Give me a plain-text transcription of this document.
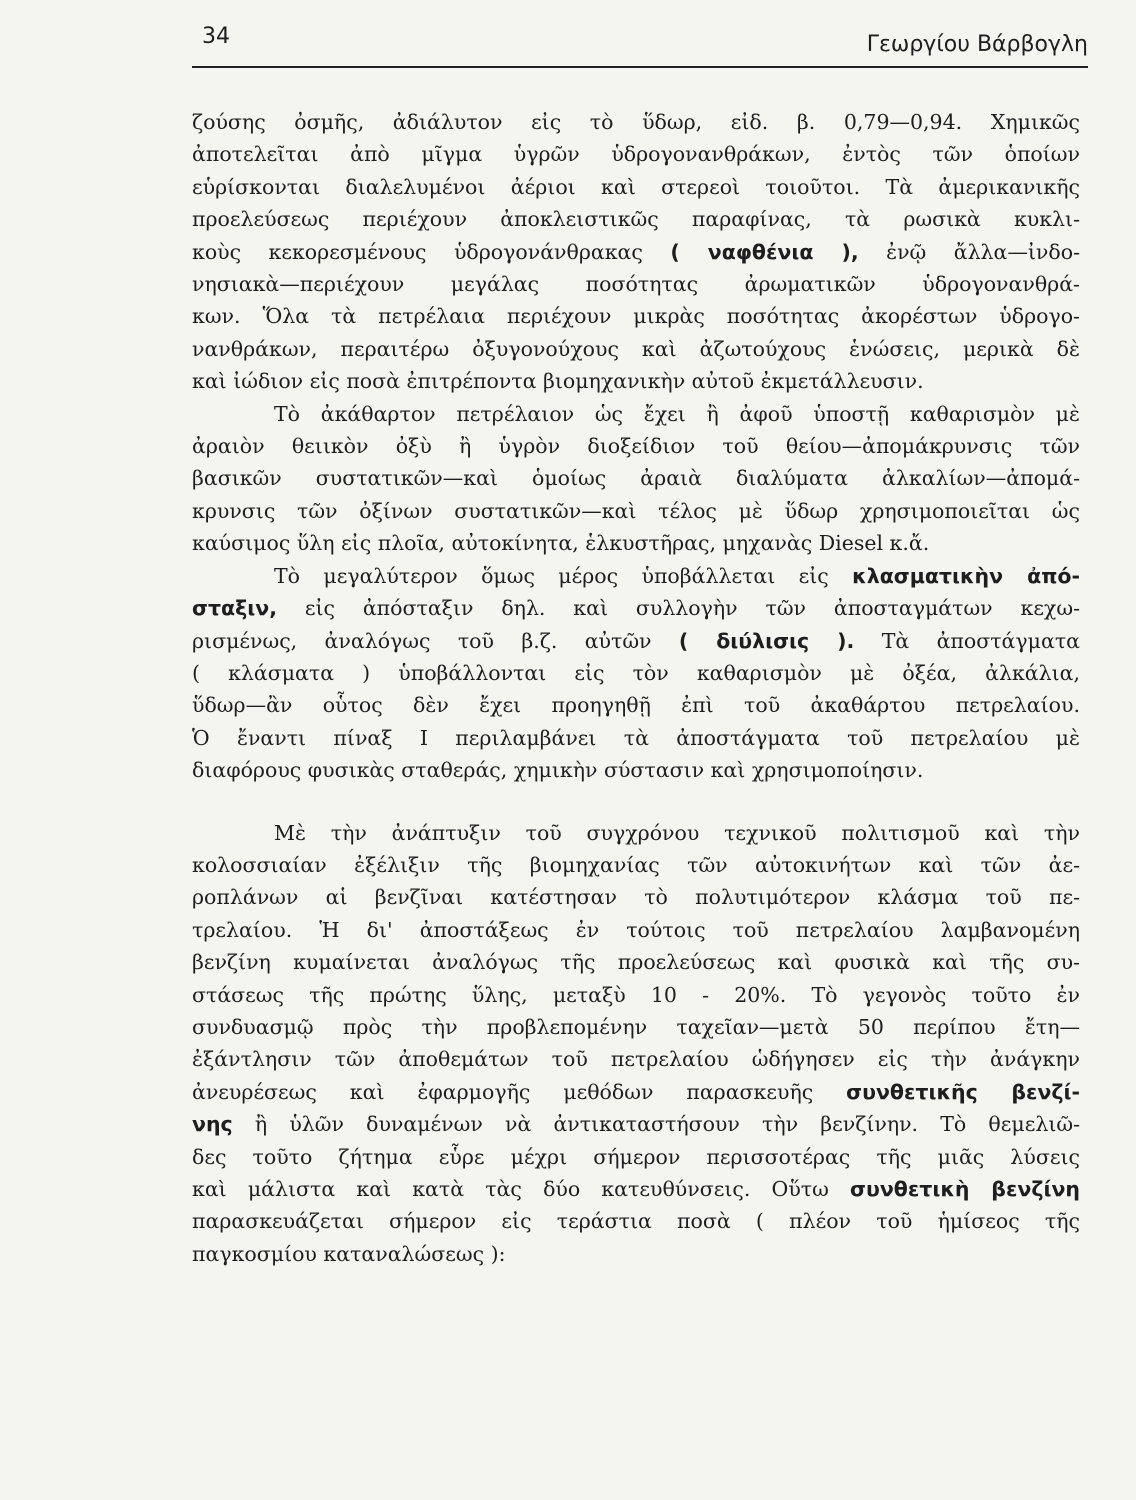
34	Γεωργίου Βάρβογλη
ζούσης ὀσμῆς, ἀδιάλυτον εἰς τὸ ὕδωρ, εἰδ. β. 0,79—0,94. Χημικῶς
ἀποτελεῖται ἀπὸ μῖγμα ὑγρῶν ὑδρογονανθράκων, ἐντὸς τῶν ὁποίων
εὑρίσκονται διαλελυμένοι ἀέριοι καὶ στερεοὶ τοιοῦτοι. Τὰ ἀμερικανικῆς
προελεύσεως περιέχουν ἀποκλειστικῶς παραφίνας, τὰ ρωσικὰ κυκλι-
κοὺς κεκορεσμένους ὑδρογονάνθρακας ( ναφθένια ), ἐνῷ ἄλλα—ἰνδο-
νησιακὰ—περιέχουν μεγάλας ποσότητας ἀρωματικῶν ὑδρογονανθρά-
κων. Ὅλα τὰ πετρέλαια περιέχουν μικρὰς ποσότητας ἀκορέστων ὑδρογο-
νανθράκων, περαιτέρω ὀξυγονούχους καὶ ἀζωτούχους ἑνώσεις, μερικὰ δὲ
καὶ ἰώδιον εἰς ποσὰ ἐπιτρέποντα βιομηχανικὴν αὐτοῦ ἐκμετάλλευσιν.
Τὸ ἀκάθαρτον πετρέλαιον ὡς ἔχει ἢ ἀφοῦ ὑποστῇ καθαρισμὸν μὲ
ἀραιὸν θειικὸν ὀξὺ ἢ ὑγρὸν διοξείδιον τοῦ θείου—ἀπομάκρυνσις τῶν
βασικῶν συστατικῶν—καὶ ὁμοίως ἀραιὰ διαλύματα ἀλκαλίων—ἀπομά-
κρυνσις τῶν ὀξίνων συστατικῶν—καὶ τέλος μὲ ὕδωρ χρησιμοποιεῖται ὡς
καύσιμος ὕλη εἰς πλοῖα, αὐτοκίνητα, ἑλκυστῆρας, μηχανὰς Diesel κ.ἄ.
Τὸ μεγαλύτερον ὅμως μέρος ὑποβάλλεται εἰς κλασματικὴν ἀπό-
σταξιν, εἰς ἀπόσταξιν δηλ. καὶ συλλογὴν τῶν ἀποσταγμάτων κεχω-
ρισμένως, ἀναλόγως τοῦ β.ζ. αὐτῶν ( διύλισις ). Τὰ ἀποστάγματα
( κλάσματα ) ὑποβάλλονται εἰς τὸν καθαρισμὸν μὲ ὀξέα, ἀλκάλια,
ὕδωρ—ἂν οὗτος δὲν ἔχει προηγηθῇ ἐπὶ τοῦ ἀκαθάρτου πετρελαίου.
Ὁ ἔναντι πίναξ I περιλαμβάνει τὰ ἀποστάγματα τοῦ πετρελαίου μὲ
διαφόρους φυσικὰς σταθεράς, χημικὴν σύστασιν καὶ χρησιμοποίησιν.
Μὲ τὴν ἀνάπτυξιν τοῦ συγχρόνου τεχνικοῦ πολιτισμοῦ καὶ τὴν
κολοσσιαίαν ἐξέλιξιν τῆς βιομηχανίας τῶν αὐτοκινήτων καὶ τῶν ἀε-
ροπλάνων αἱ βενζῖναι κατέστησαν τὸ πολυτιμότερον κλάσμα τοῦ πε-
τρελαίου. Ἡ δι' ἀποστάξεως ἐν τούτοις τοῦ πετρελαίου λαμβανομένη
βενζίνη κυμαίνεται ἀναλόγως τῆς προελεύσεως καὶ φυσικὰ καὶ τῆς συ-
στάσεως τῆς πρώτης ὕλης, μεταξὺ 10 - 20%. Τὸ γεγονὸς τοῦτο ἐν
συνδυασμῷ πρὸς τὴν προβλεπομένην ταχεῖαν—μετὰ 50 περίπου ἔτη—
ἐξάντλησιν τῶν ἀποθεμάτων τοῦ πετρελαίου ὡδήγησεν εἰς τὴν ἀνάγκην
ἀνευρέσεως καὶ ἐφαρμογῆς μεθόδων παρασκευῆς συνθετικῆς βενζί-
νης ἢ ὑλῶν δυναμένων νὰ ἀντικαταστήσουν τὴν βενζίνην. Τὸ θεμελιῶ-
δες τοῦτο ζήτημα εὗρε μέχρι σήμερον περισσοτέρας τῆς μιᾶς λύσεις
καὶ μάλιστα καὶ κατὰ τὰς δύο κατευθύνσεις. Οὕτω συνθετικὴ βενζίνη
παρασκευάζεται σήμερον εἰς τεράστια ποσὰ ( πλέον τοῦ ἡμίσεος τῆς
παγκοσμίου καταναλώσεως ):
